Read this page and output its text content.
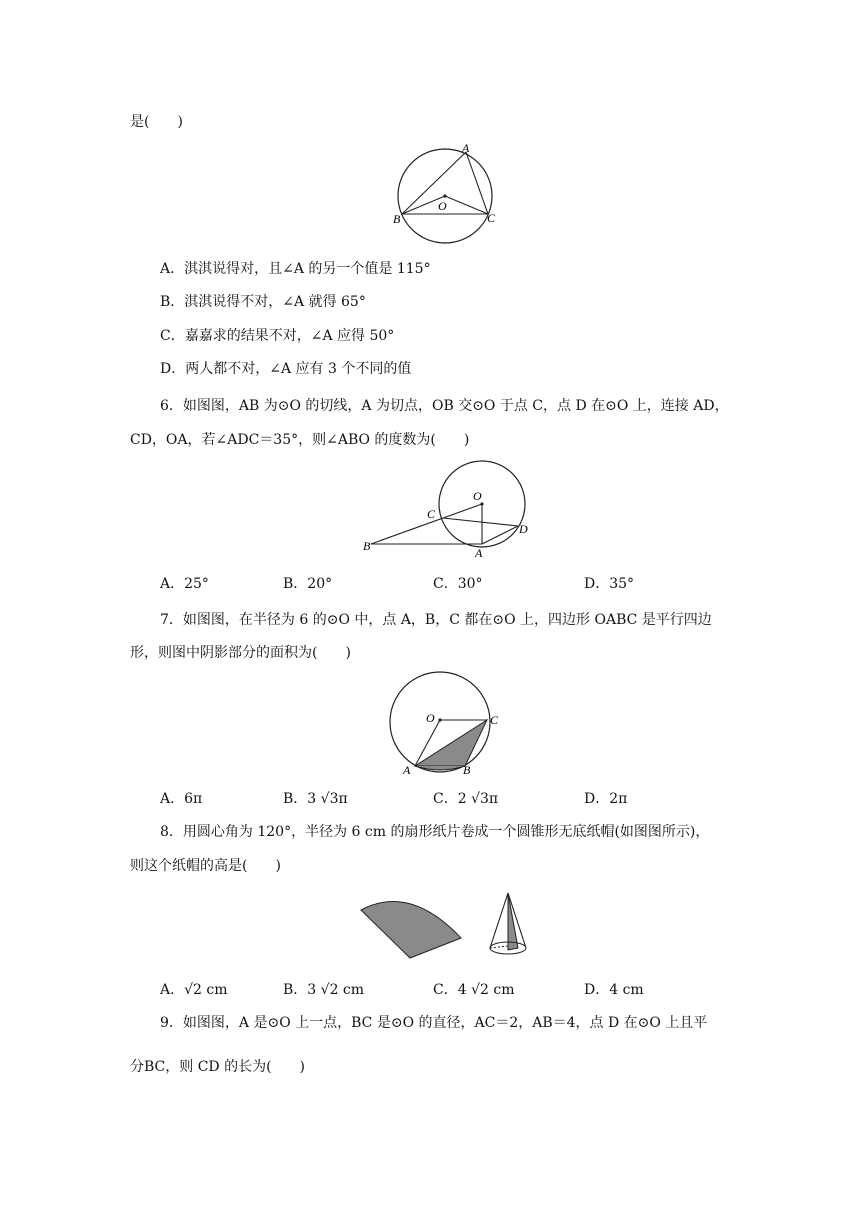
是(　　)
A
B	C
O
A．淇淇说得对，且∠A 的另一个值是 115°
B．淇淇说得不对，∠A 就得 65°
C．嘉嘉求的结果不对，∠A 应得 50°
D．两人都不对，∠A 应有 3 个不同的值
6．如图图，AB 为⊙O 的切线，A 为切点，OB 交⊙O 于点 C，点 D 在⊙O 上，连接 AD，
CD，OA，若∠ADC＝35°，则∠ABO 的度数为(　　)
O
C
D
B	A
A．25°	B．20°	C．30°	D．35°
7．如图图，在半径为 6 的⊙O 中，点 A，B，C 都在⊙O 上，四边形 OABC 是平行四边
形，则图中阴影部分的面积为(　　)
O	C
A	B
A．6π	B．3 √3π	C．2 √3π	D．2π
8．用圆心角为 120°，半径为 6 cm 的扇形纸片卷成一个圆锥形无底纸帽(如图图所示)，
则这个纸帽的高是(　　)
A．√2 cm	B．3 √2 cm	C．4 √2 cm	D．4 cm
9．如图图，A 是⊙O 上一点，BC 是⊙O 的直径，AC＝2，AB＝4，点 D 在⊙O 上且平
分BC，则 CD 的长为(　　)
